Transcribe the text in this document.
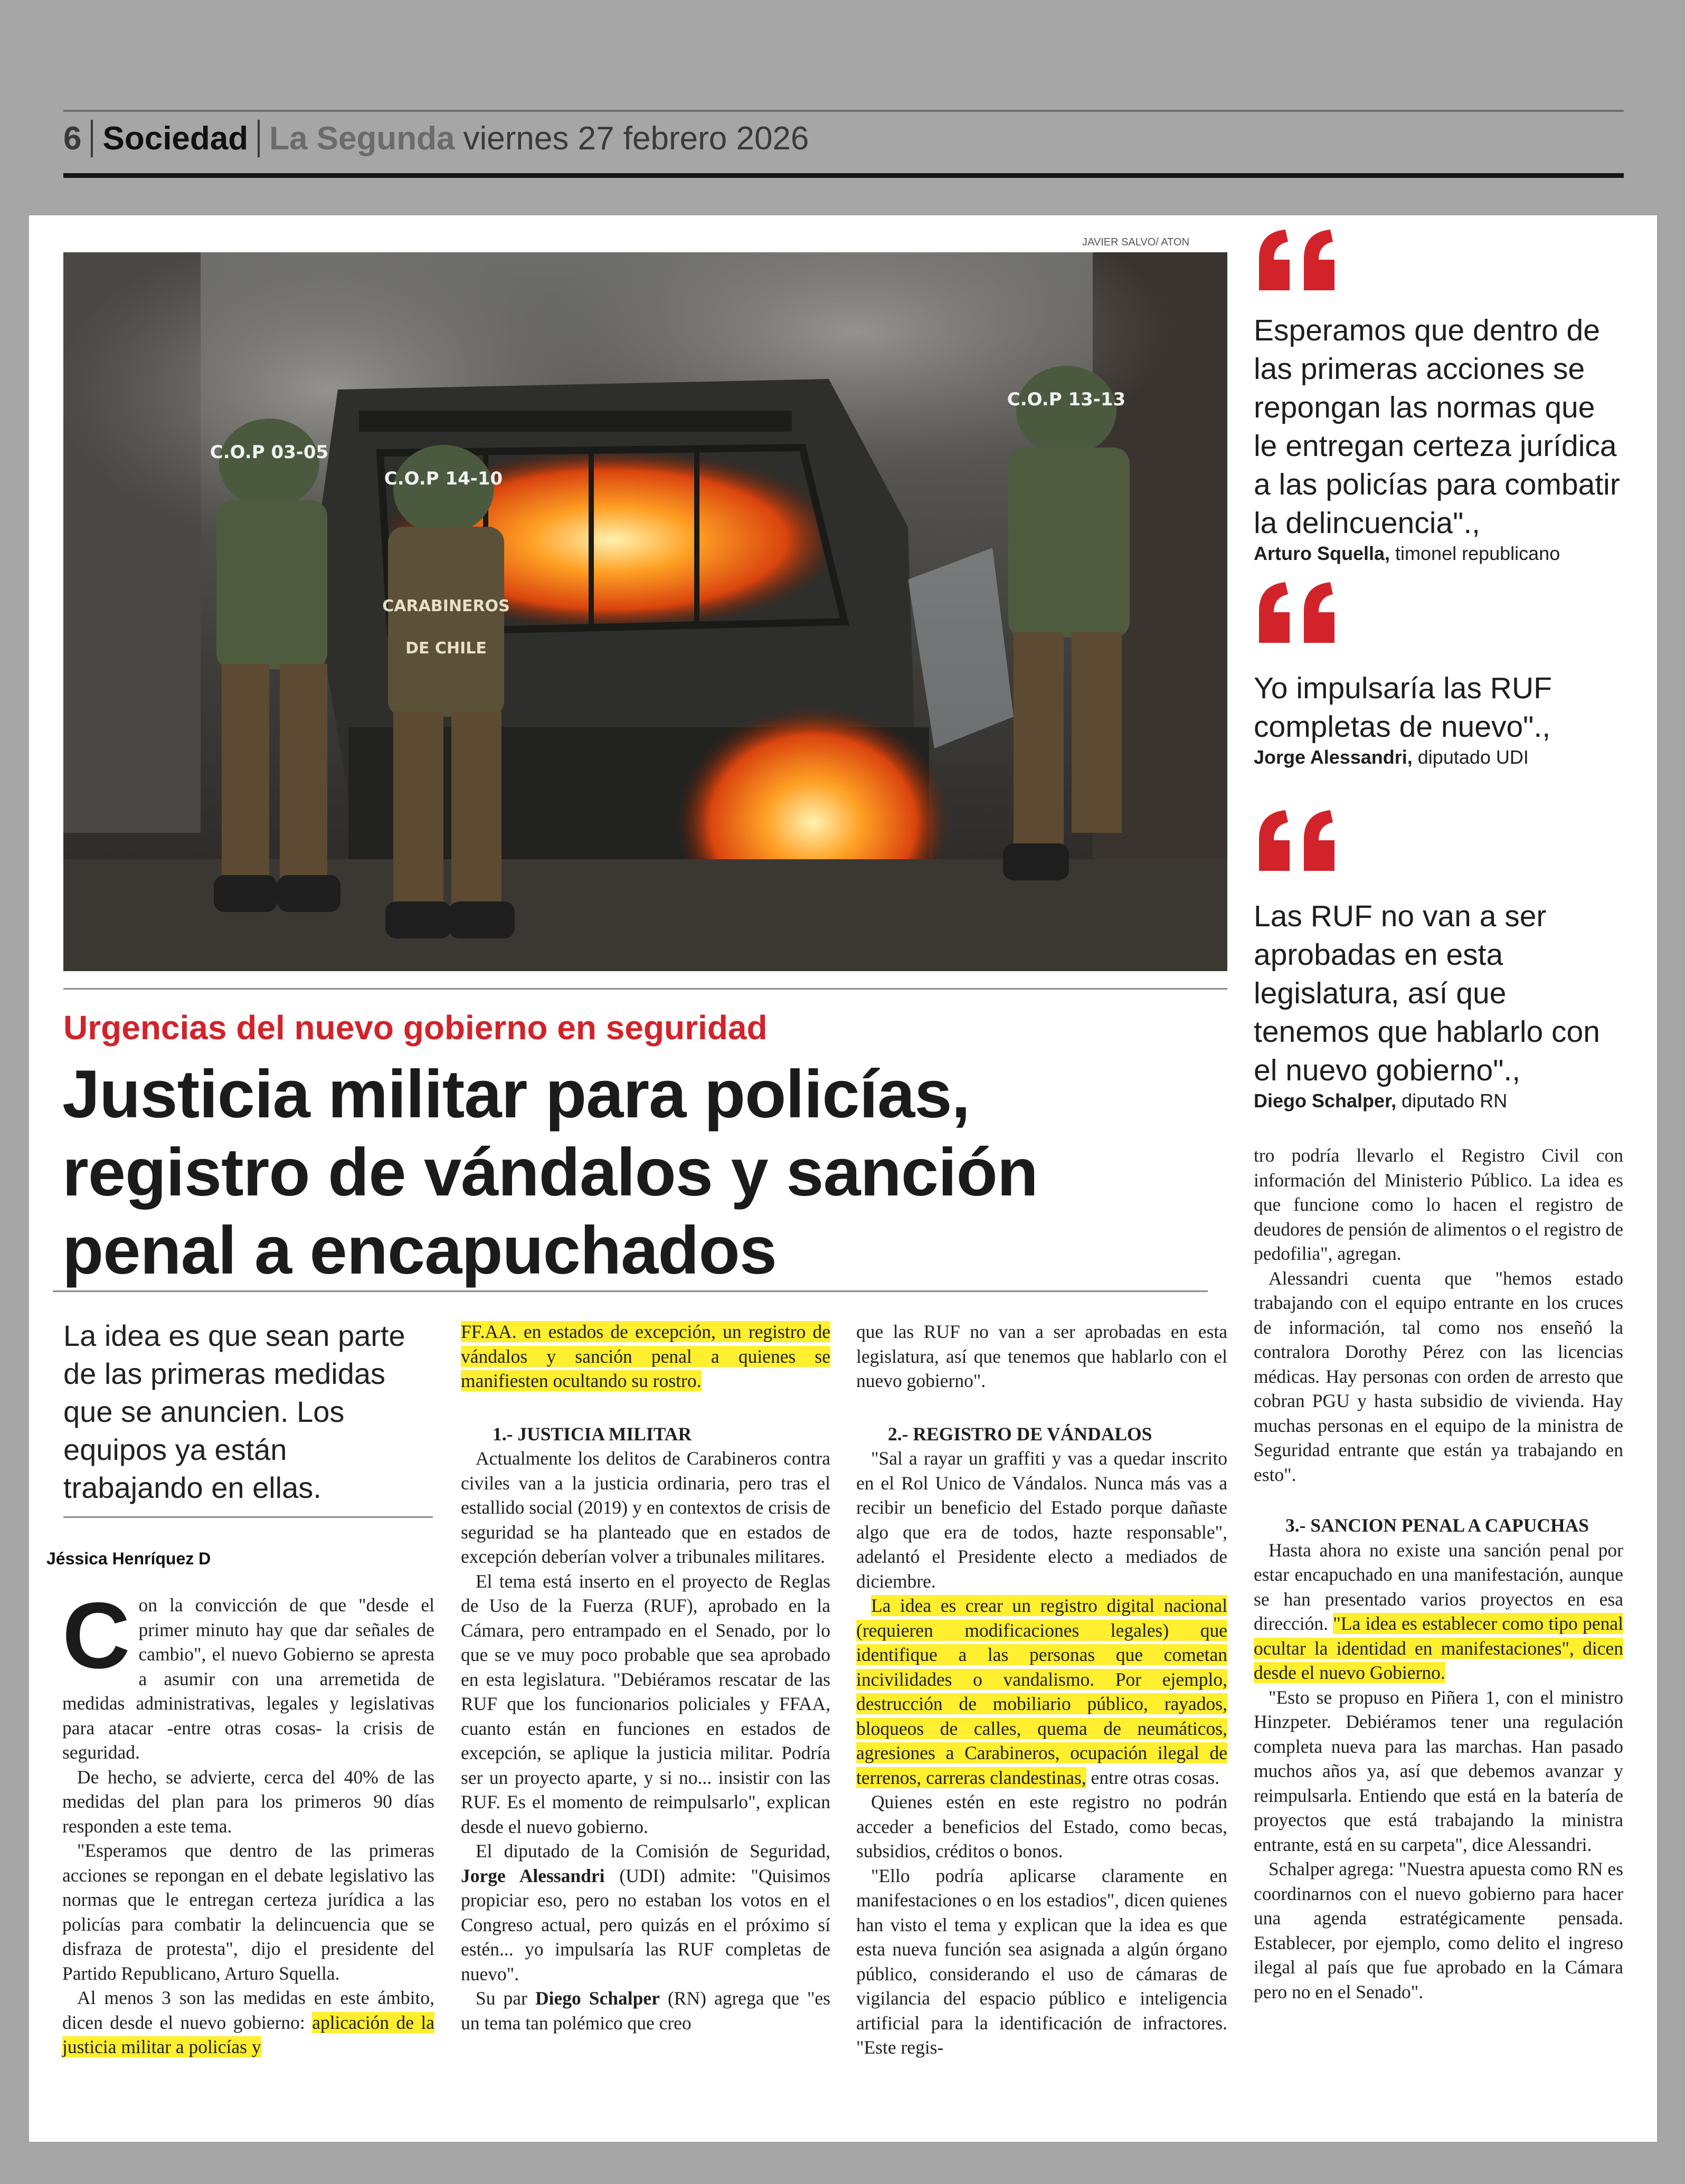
6 Sociedad La Segunda viernes 27 febrero 2026
JAVIER SALVO/ ATON
C.O.P 03-05
C.O.P 14-10
CARABINEROS
DE CHILE
C.O.P 13-13
Urgencias del nuevo gobierno en seguridad
Justicia militar para policías, registro de vándalos y sanción penal a encapuchados
La idea es que sean parte de las primeras medidas que se anuncien. Los equipos ya están trabajando en ellas.
Jéssica Henríquez D

Con la convicción de que "desde el primer minuto hay que dar señales de cambio", el nuevo Gobierno se apresta a asumir con una arremetida de medidas administrativas, legales y legislativas para atacar -entre otras cosas- la crisis de seguridad.

De hecho, se advierte, cerca del 40% de las medidas del plan para los primeros 90 días responden a este tema.

"Esperamos que dentro de las primeras acciones se repongan en el debate legislativo las normas que le entregan certeza jurídica a las policías para combatir la delincuencia que se disfraza de protesta", dijo el presidente del Partido Republicano, Arturo Squella.

Al menos 3 son las medidas en este ámbito, dicen desde el nuevo gobierno: aplicación de la justicia militar a policías y

FF.AA. en estados de excepción, un registro de vándalos y sanción penal a quienes se manifiesten ocultando su rostro.

1.- JUSTICIA MILITAR

Actualmente los delitos de Carabineros contra civiles van a la justicia ordinaria, pero tras el estallido social (2019) y en contextos de crisis de seguridad se ha planteado que en estados de excepción deberían volver a tribunales militares.

El tema está inserto en el proyecto de Reglas de Uso de la Fuerza (RUF), aprobado en la Cámara, pero entrampado en el Senado, por lo que se ve muy poco probable que sea aprobado en esta legislatura. "Debiéramos rescatar de las RUF que los funcionarios policiales y FFAA, cuanto están en funciones en estados de excepción, se aplique la justicia militar. Podría ser un proyecto aparte, y si no... insistir con las RUF. Es el momento de reimpulsarlo", explican desde el nuevo gobierno.

El diputado de la Comisión de Seguridad, Jorge Alessandri (UDI) admite: "Quisimos propiciar eso, pero no estaban los votos en el Congreso actual, pero quizás en el próximo sí estén... yo impulsaría las RUF completas de nuevo".

Su par Diego Schalper (RN) agrega que "es un tema tan polémico que creo

que las RUF no van a ser aprobadas en esta legislatura, así que tenemos que hablarlo con el nuevo gobierno".

2.- REGISTRO DE VÁNDALOS

"Sal a rayar un graffiti y vas a quedar inscrito en el Rol Unico de Vándalos. Nunca más vas a recibir un beneficio del Estado porque dañaste algo que era de todos, hazte responsable", adelantó el Presidente electo a mediados de diciembre.

La idea es crear un registro digital nacional (requieren modificaciones legales) que identifique a las personas que cometan incivilidades o vandalismo. Por ejemplo, destrucción de mobiliario público, rayados, bloqueos de calles, quema de neumáticos, agresiones a Carabineros, ocupación ilegal de terrenos, carreras clandestinas, entre otras cosas.

Quienes estén en este registro no podrán acceder a beneficios del Estado, como becas, subsidios, créditos o bonos.

"Ello podría aplicarse claramente en manifestaciones o en los estadios", dicen quienes han visto el tema y explican que la idea es que esta nueva función sea asignada a algún órgano público, considerando el uso de cámaras de vigilancia del espacio público e inteligencia artificial para la identificación de infractores. "Este regis-

tro podría llevarlo el Registro Civil con información del Ministerio Público. La idea es que funcione como lo hacen el registro de deudores de pensión de alimentos o el registro de pedofilia", agregan.

Alessandri cuenta que "hemos estado trabajando con el equipo entrante en los cruces de información, tal como nos enseñó la contralora Dorothy Pérez con las licencias médicas. Hay personas con orden de arresto que cobran PGU y hasta subsidio de vivienda. Hay muchas personas en el equipo de la ministra de Seguridad entrante que están ya trabajando en esto".

3.- SANCION PENAL A CAPUCHAS

Hasta ahora no existe una sanción penal por estar encapuchado en una manifestación, aunque se han presentado varios proyectos en esa dirección. "La idea es establecer como tipo penal ocultar la identidad en manifestaciones", dicen desde el nuevo Gobierno.

"Esto se propuso en Piñera 1, con el ministro Hinzpeter. Debiéramos tener una regulación completa nueva para las marchas. Han pasado muchos años ya, así que debemos avanzar y reimpulsarla. Entiendo que está en la batería de proyectos que está trabajando la ministra entrante, está en su carpeta", dice Alessandri.

Schalper agrega: "Nuestra apuesta como RN es coordinarnos con el nuevo gobierno para hacer una agenda estratégicamente pensada. Establecer, por ejemplo, como delito el ingreso ilegal al país que fue aprobado en la Cámara pero no en el Senado".

Esperamos que dentro de las primeras acciones se repongan las normas que le entregan certeza jurídica a las policías para combatir la delincuencia".,
Arturo Squella, timonel republicano
Yo impulsaría las RUF completas de nuevo".,
Jorge Alessandri, diputado UDI
Las RUF no van a ser aprobadas en esta legislatura, así que tenemos que hablarlo con el nuevo gobierno".,
Diego Schalper, diputado RN
